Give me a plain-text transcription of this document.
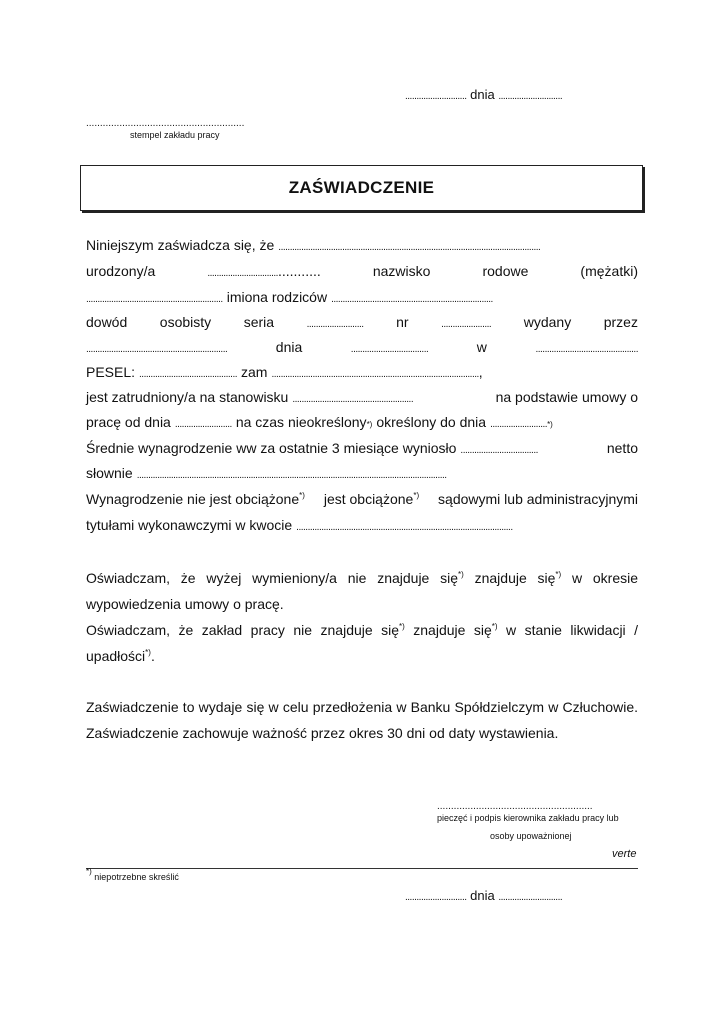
........................... dnia ............................
.........................................................
stempel zakładu pracy
ZAŚWIADCZENIE
Niniejszym zaświadcza się, że ...................................................................................................................
urodzony/a	..........................................	nazwisko	rodowe	(mężatki)
............................................................ imiona rodziców .......................................................................
dowód osobisty seria	......................... nr	...................... wydany przez
..............................................................	dnia	..................................	w	.............................................
PESEL: ........................................... zam ........................................................................................... ,
jest zatrudniony/a na stanowisku .....................................................	na podstawie umowy o
pracę od dnia ......................... na czas nieokreślony *) określony do dnia ......................... *)
Średnie wynagrodzenie ww za ostatnie 3 miesiące wyniosło ..................................	netto
słownie ........................................................................................................................................
Wynagrodzenie nie jest obciążone*) jest obciążone*) sądowymi lub administracyjnymi
tytułami wykonawczymi w kwocie ...............................................................................................
Oświadczam, że wyżej wymieniony/a nie znajduje się*) znajduje się*) w okresie wypowiedzenia umowy o pracę.
Oświadczam, że zakład pracy nie znajduje się*) znajduje się*) w stanie likwidacji / upadłości*).
Zaświadczenie to wydaje się w celu przedłożenia w Banku Spółdzielczym w Człuchowie. Zaświadczenie zachowuje ważność przez okres 30 dni od daty wystawienia.
........................................................
pieczęć i podpis kierownika zakładu pracy lub
osoby upoważnionej
verte
*) niepotrzebne skreślić
........................... dnia ............................
